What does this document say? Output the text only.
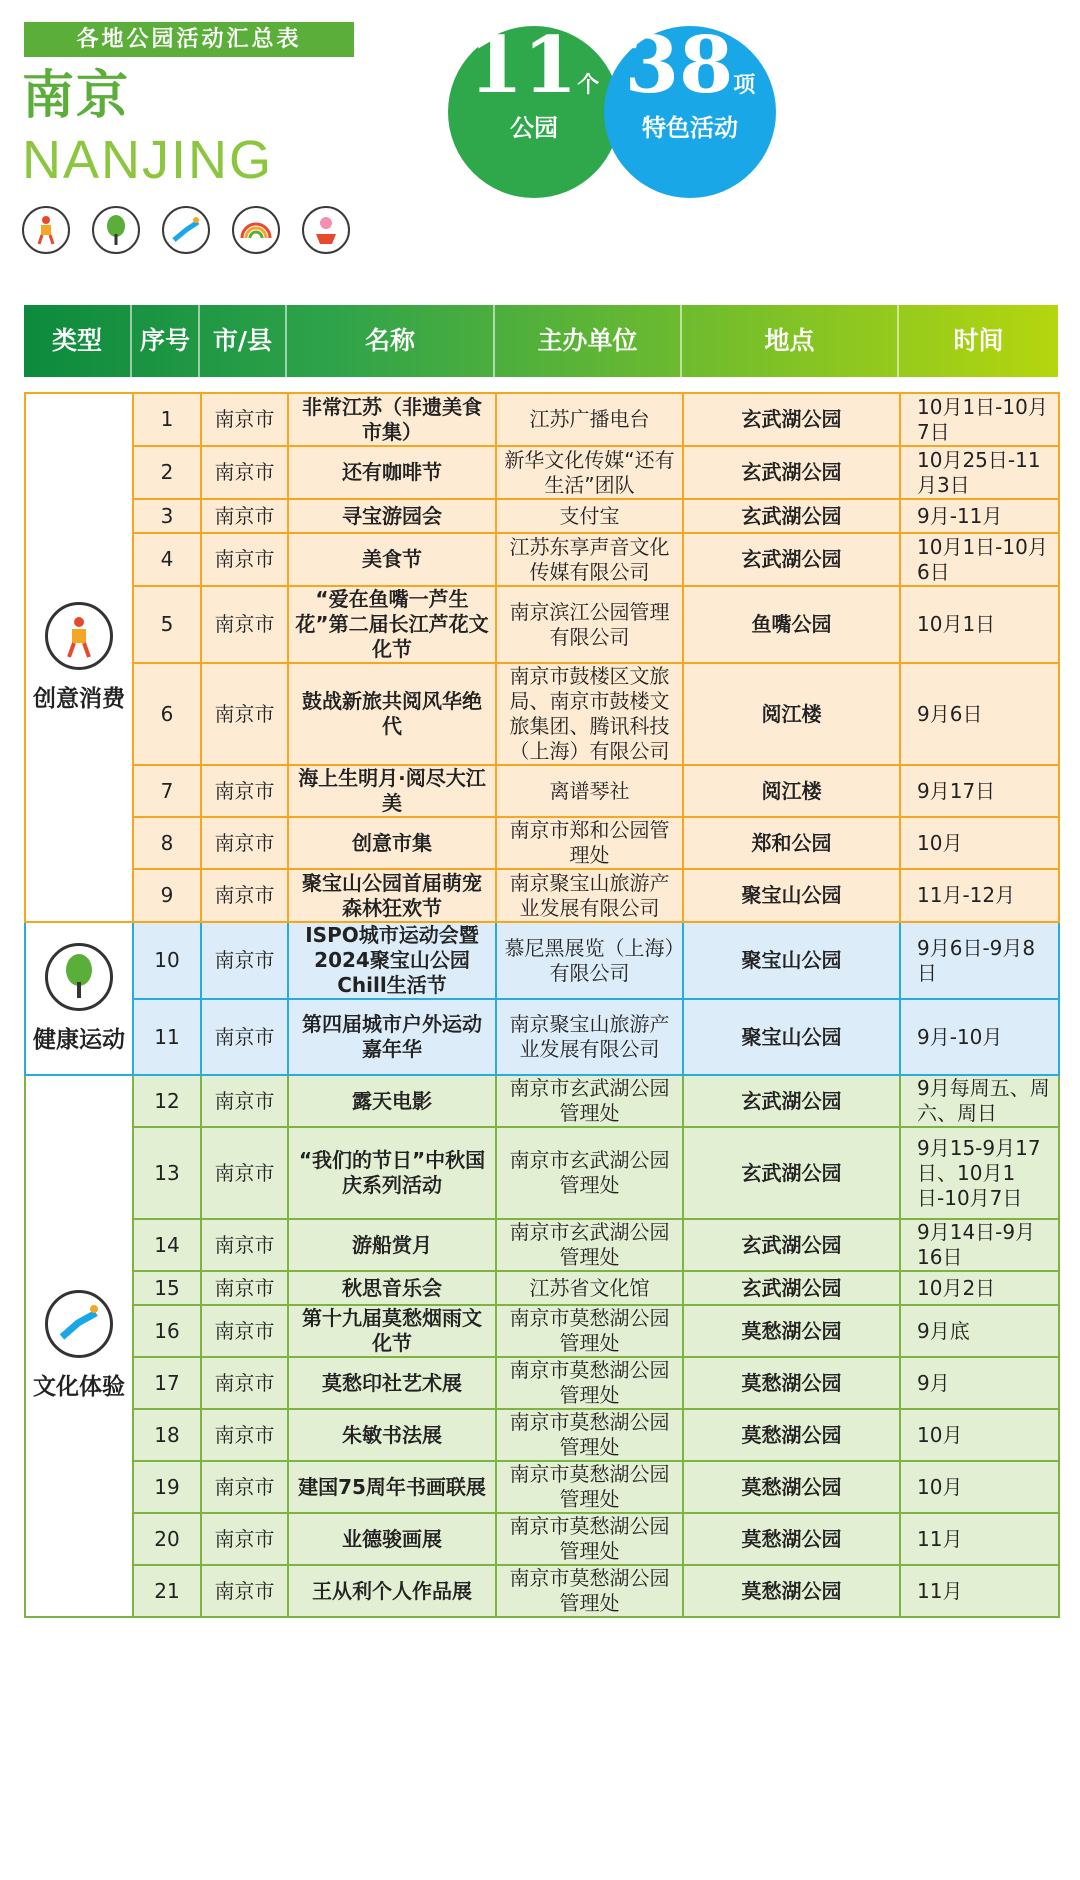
各地公园活动汇总表
南京
NANJING
11个
公园
38项
特色活动
类型	序号 市/县	名称	主办单位	地点	时间
创意消费	1	南京市	非常江苏（非遗美食市集）	江苏广播电台	玄武湖公园	10月1日-10月7日
	2	南京市	还有咖啡节	新华文化传媒“还有生活”团队	玄武湖公园	10月25日-11月3日
	3	南京市	寻宝游园会	支付宝	玄武湖公园	9月-11月
	4	南京市	美食节	江苏东享声音文化传媒有限公司	玄武湖公园	10月1日-10月6日
	5	南京市	“爱在鱼嘴一芦生花”第二届长江芦花文化节	南京滨江公园管理有限公司	鱼嘴公园	10月1日
	6	南京市	鼓战新旅共阅风华绝代	南京市鼓楼区文旅局、南京市鼓楼文旅集团、腾讯科技（上海）有限公司	阅江楼	9月6日
	7	南京市	海上生明月·阅尽大江美	离谱琴社	阅江楼	9月17日
	8	南京市	创意市集	南京市郑和公园管理处	郑和公园	10月
	9	南京市	聚宝山公园首届萌宠森林狂欢节	南京聚宝山旅游产业发展有限公司	聚宝山公园	11月-12月

健康运动	10	南京市	ISPO城市运动会暨2024聚宝山公园Chill生活节	慕尼黑展览（上海）有限公司	聚宝山公园	9月6日-9月8日
	11	南京市	第四届城市户外运动嘉年华	南京聚宝山旅游产业发展有限公司	聚宝山公园	9月-10月

文化体验	12	南京市	露天电影	南京市玄武湖公园管理处	玄武湖公园	9月每周五、周六、周日
	13	南京市	“我们的节日”中秋国庆系列活动	南京市玄武湖公园管理处	玄武湖公园	9月15-9月17日、10月1日-10月7日
	14	南京市	游船赏月	南京市玄武湖公园管理处	玄武湖公园	9月14日-9月16日
	15	南京市	秋思音乐会	江苏省文化馆	玄武湖公园	10月2日
	16	南京市	第十九届莫愁烟雨文化节	南京市莫愁湖公园管理处	莫愁湖公园	9月底
	17	南京市	莫愁印社艺术展	南京市莫愁湖公园管理处	莫愁湖公园	9月
	18	南京市	朱敏书法展	南京市莫愁湖公园管理处	莫愁湖公园	10月
	19	南京市	建国75周年书画联展	南京市莫愁湖公园管理处	莫愁湖公园	10月
	20	南京市	业德骏画展	南京市莫愁湖公园管理处	莫愁湖公园	11月
	21	南京市	王从利个人作品展	南京市莫愁湖公园管理处	莫愁湖公园	11月
